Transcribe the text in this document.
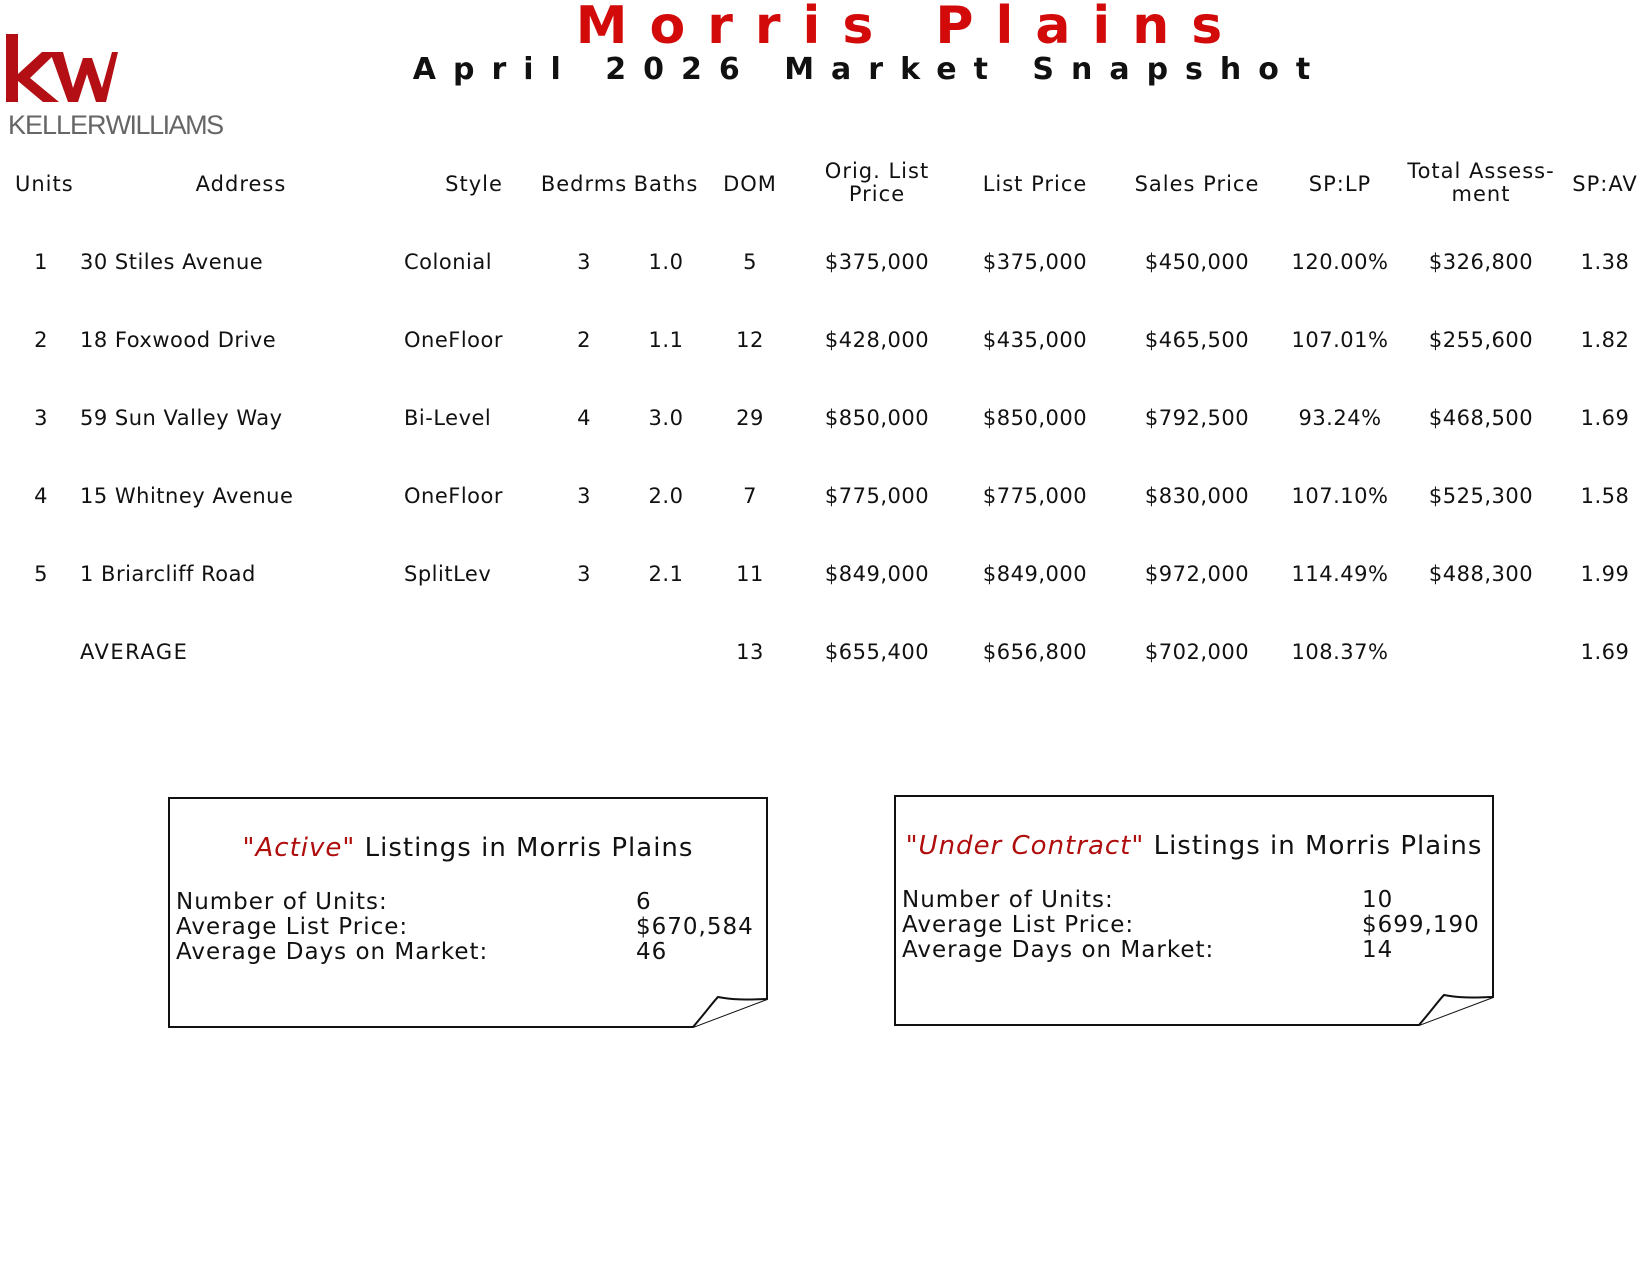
KELLERWILLIAMS
Morris Plains
April 2026 Market Snapshot
Units	Address	Style Bedrms Baths DOM
Orig. List
Price	List Price Sales Price SP:LP
Total Assess-
ment	SP:AV
1 30 Stiles Avenue	Colonial	3	1.0	5	$375,000	$375,000	$450,000 120.00% $326,800 1.38
2 18 Foxwood Drive	OneFloor	2	1.1	12	$428,000	$435,000	$465,500 107.01% $255,600 1.82
3 59 Sun Valley Way	Bi-Level	4	3.0	29	$850,000	$850,000	$792,500 93.24% $468,500 1.69
4 15 Whitney Avenue	OneFloor	3	2.0	7	$775,000	$775,000	$830,000 107.10% $525,300 1.58
5 1 Briarcliff Road	SplitLev	3	2.1	11	$849,000	$849,000	$972,000 114.49% $488,300 1.99
AVERAGE	13	$655,400	$656,800	$702,000 108.37%	1.69
"Active" Listings in Morris Plains
Number of Units:	6
Average List Price:	$670,584
Average Days on Market:	46
"Under Contract" Listings in Morris Plains
Number of Units:	10
Average List Price:	$699,190
Average Days on Market:	14
